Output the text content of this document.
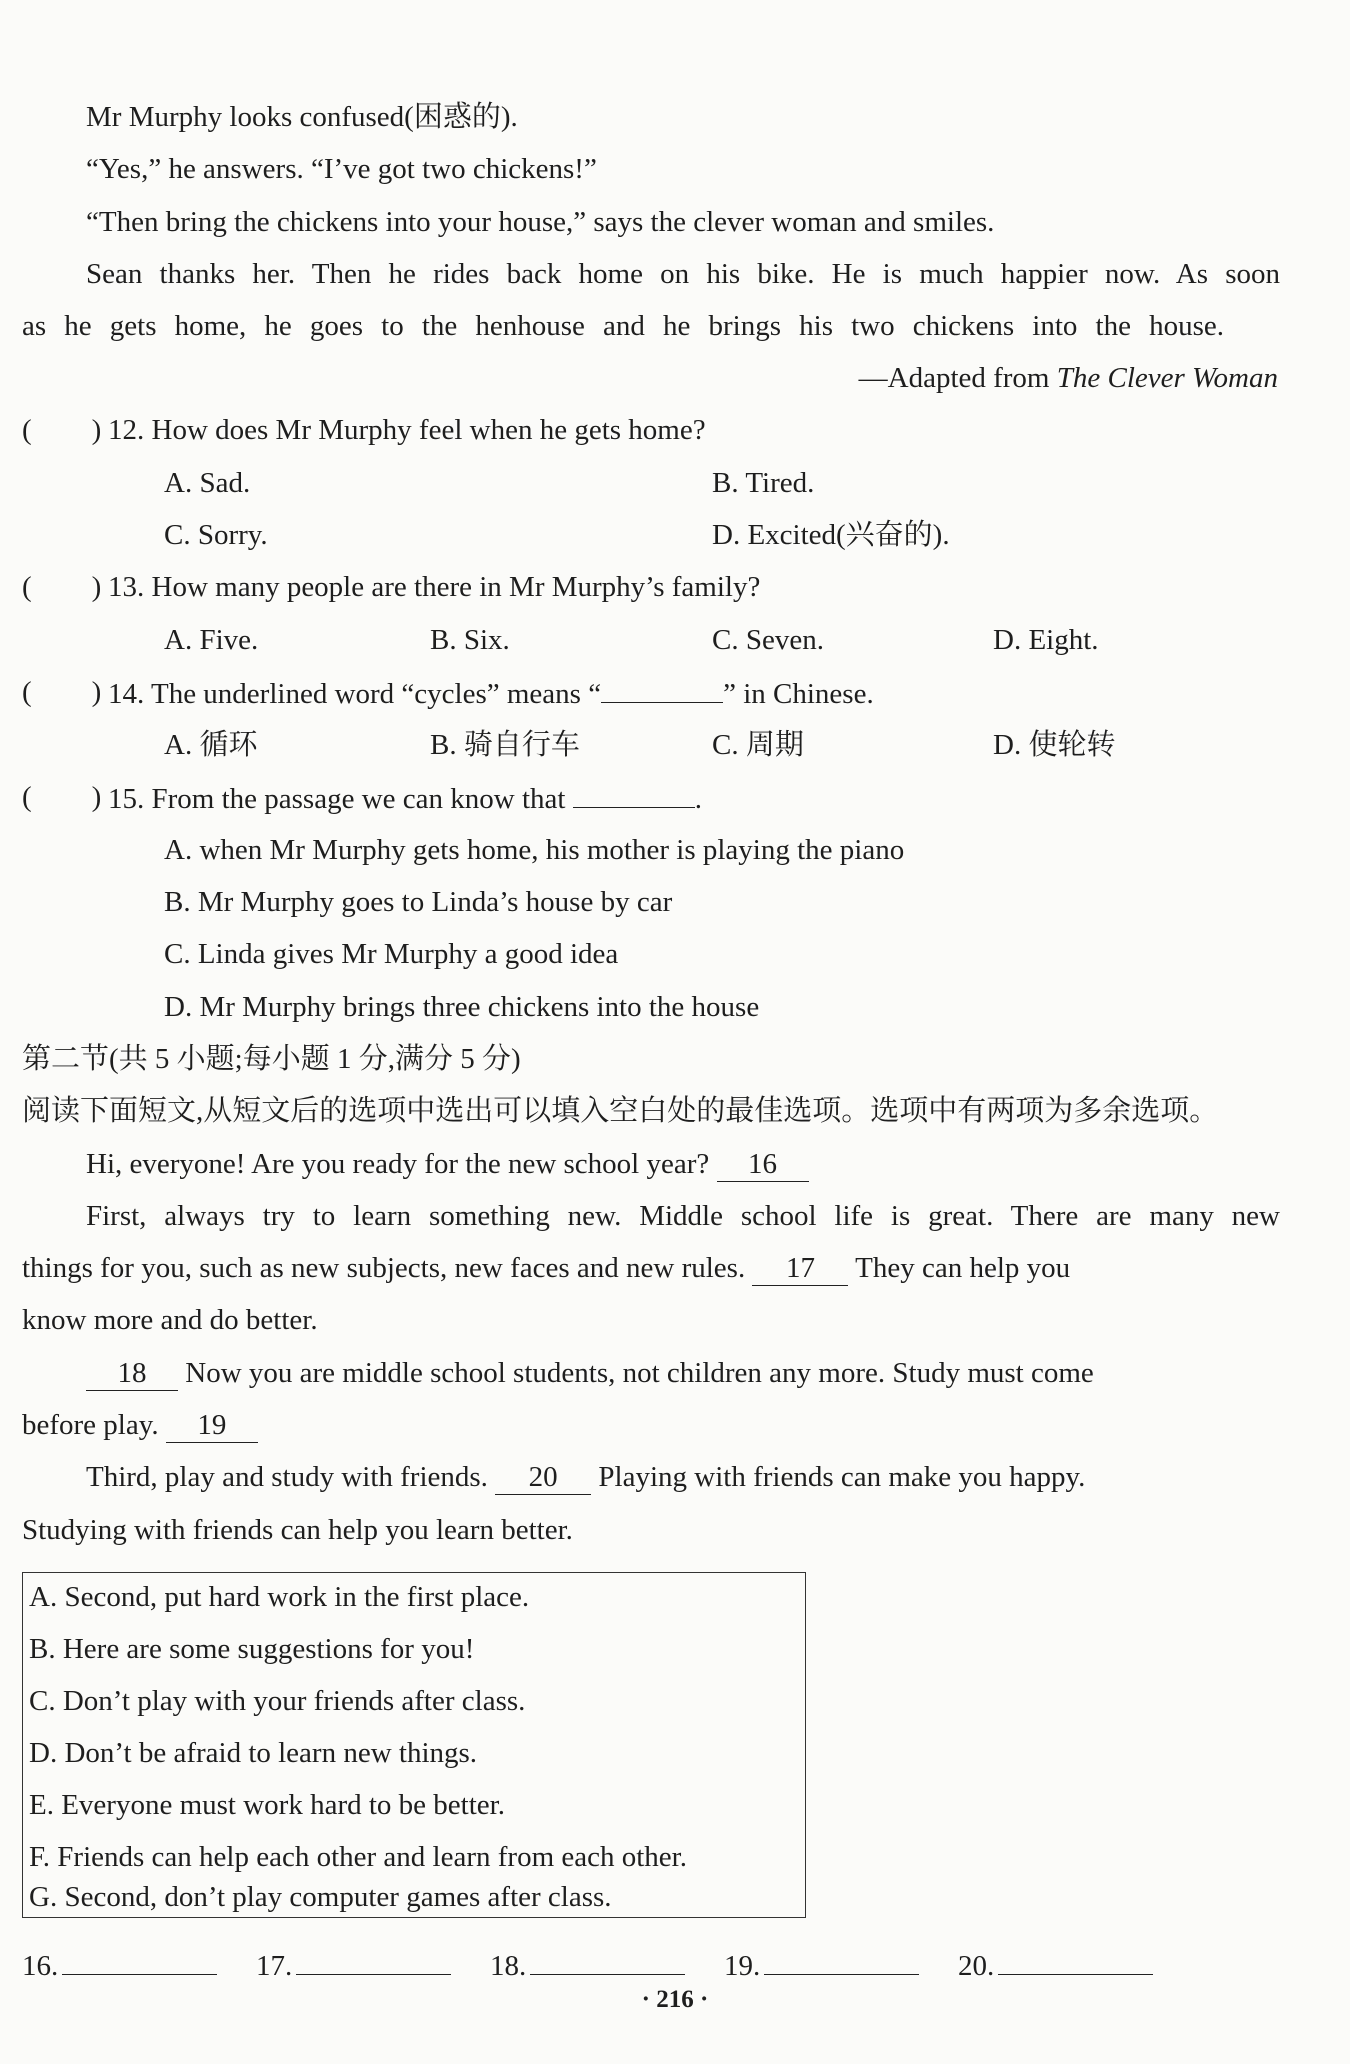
Mr Murphy looks confused(困惑的).
“Yes,” he answers. “I’ve got two chickens!”
“Then bring the chickens into your house,” says the clever woman and smiles.
Sean thanks her. Then he rides back home on his bike. He is much happier now. As soon
as he gets home, he goes to the henhouse and he brings his two chickens into the house.
—Adapted from The Clever Woman
( ) 12. How does Mr Murphy feel when he gets home?
A. Sad.	B. Tired.
C. Sorry.	D. Excited(兴奋的).
( ) 13. How many people are there in Mr Murphy’s family?
A. Five.	B. Six.	C. Seven.	D. Eight.
( ) 14. The underlined word “cycles” means “	” in Chinese.
A. 循环	B. 骑自行车	C. 周期	D. 使轮转
( ) 15. From the passage we can know that	.
A. when Mr Murphy gets home, his mother is playing the piano
B. Mr Murphy goes to Linda’s house by car
C. Linda gives Mr Murphy a good idea
D. Mr Murphy brings three chickens into the house
第二节(共 5 小题;每小题 1 分,满分 5 分)
阅读下面短文,从短文后的选项中选出可以填入空白处的最佳选项。选项中有两项为多余选项。
Hi, everyone! Are you ready for the new school year? 16
First, always try to learn something new. Middle school life is great. There are many new
things for you, such as new subjects, new faces and new rules. 17 They can help you
know more and do better.
18 Now you are middle school students, not children any more. Study must come
before play. 19
Third, play and study with friends. 20 Playing with friends can make you happy.
Studying with friends can help you learn better.
A. Second, put hard work in the first place.
B. Here are some suggestions for you!
C. Don’t play with your friends after class.
D. Don’t be afraid to learn new things.
E. Everyone must work hard to be better.
F. Friends can help each other and learn from each other.
G. Second, don’t play computer games after class.
16.	17.	18.	19.	20.
· 216 ·
